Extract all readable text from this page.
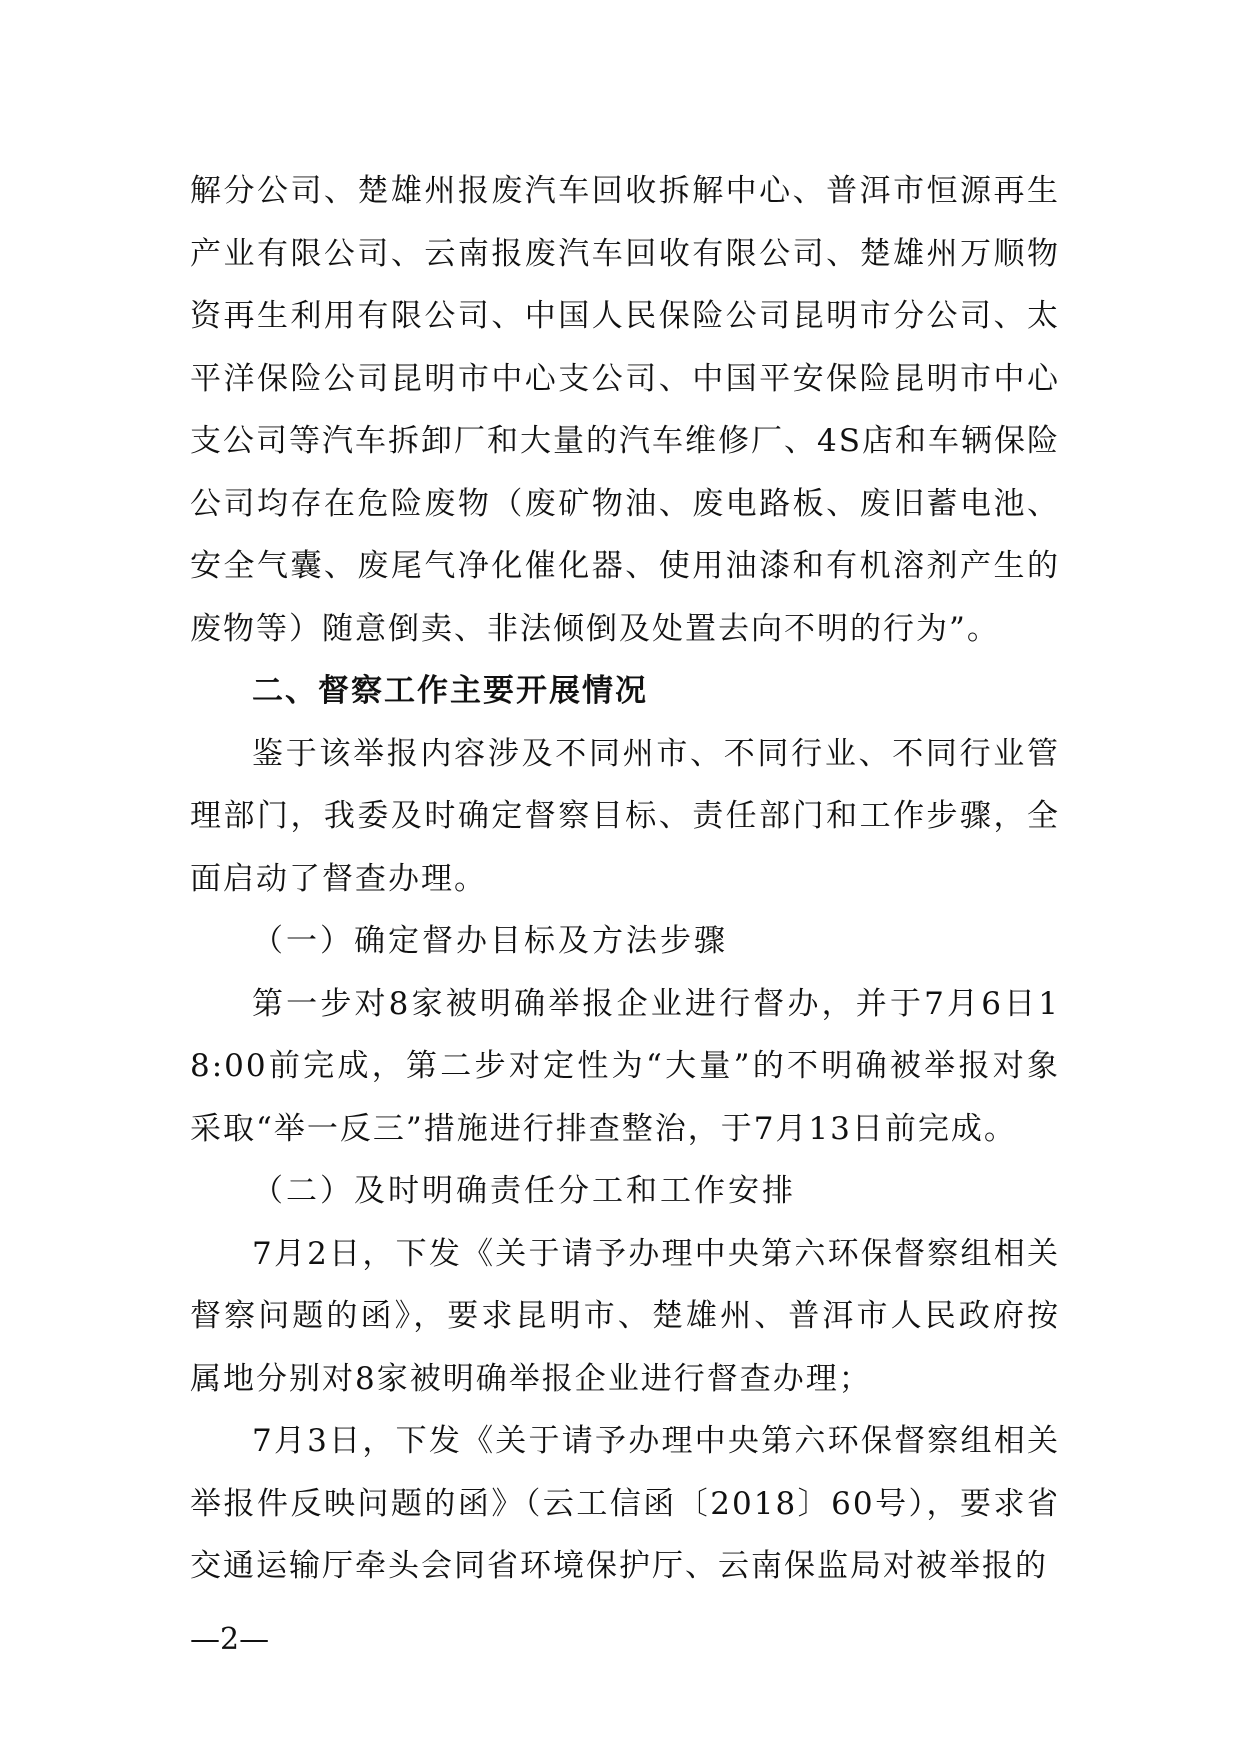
解分公司、楚雄州报废汽车回收拆解中心、普洱市恒源再生产业有限公司、云南报废汽车回收有限公司、楚雄州万顺物资再生利用有限公司、中国人民保险公司昆明市分公司、太平洋保险公司昆明市中心支公司、中国平安保险昆明市中心支公司等汽车拆卸厂和大量的汽车维修厂、4S店和车辆保险公司均存在危险废物（废矿物油、废电路板、废旧蓄电池、安全气囊、废尾气净化催化器、使用油漆和有机溶剂产生的废物等）随意倒卖、非法倾倒及处置去向不明的行为”。

二、督察工作主要开展情况

鉴于该举报内容涉及不同州市、不同行业、不同行业管理部门，我委及时确定督察目标、责任部门和工作步骤，全面启动了督查办理。

（一）确定督办目标及方法步骤

第一步对8家被明确举报企业进行督办，并于7月6日18:00前完成，第二步对定性为“大量”的不明确被举报对象采取“举一反三”措施进行排查整治，于7月13日前完成。

（二）及时明确责任分工和工作安排

7月2日，下发《关于请予办理中央第六环保督察组相关督察问题的函》，要求昆明市、楚雄州、普洱市人民政府按属地分别对8家被明确举报企业进行督查办理；

7月3日，下发《关于请予办理中央第六环保督察组相关举报件反映问题的函》（云工信函〔2018〕60号），要求省交通运输厅牵头会同省环境保护厅、云南保监局对被举报的

—2—
